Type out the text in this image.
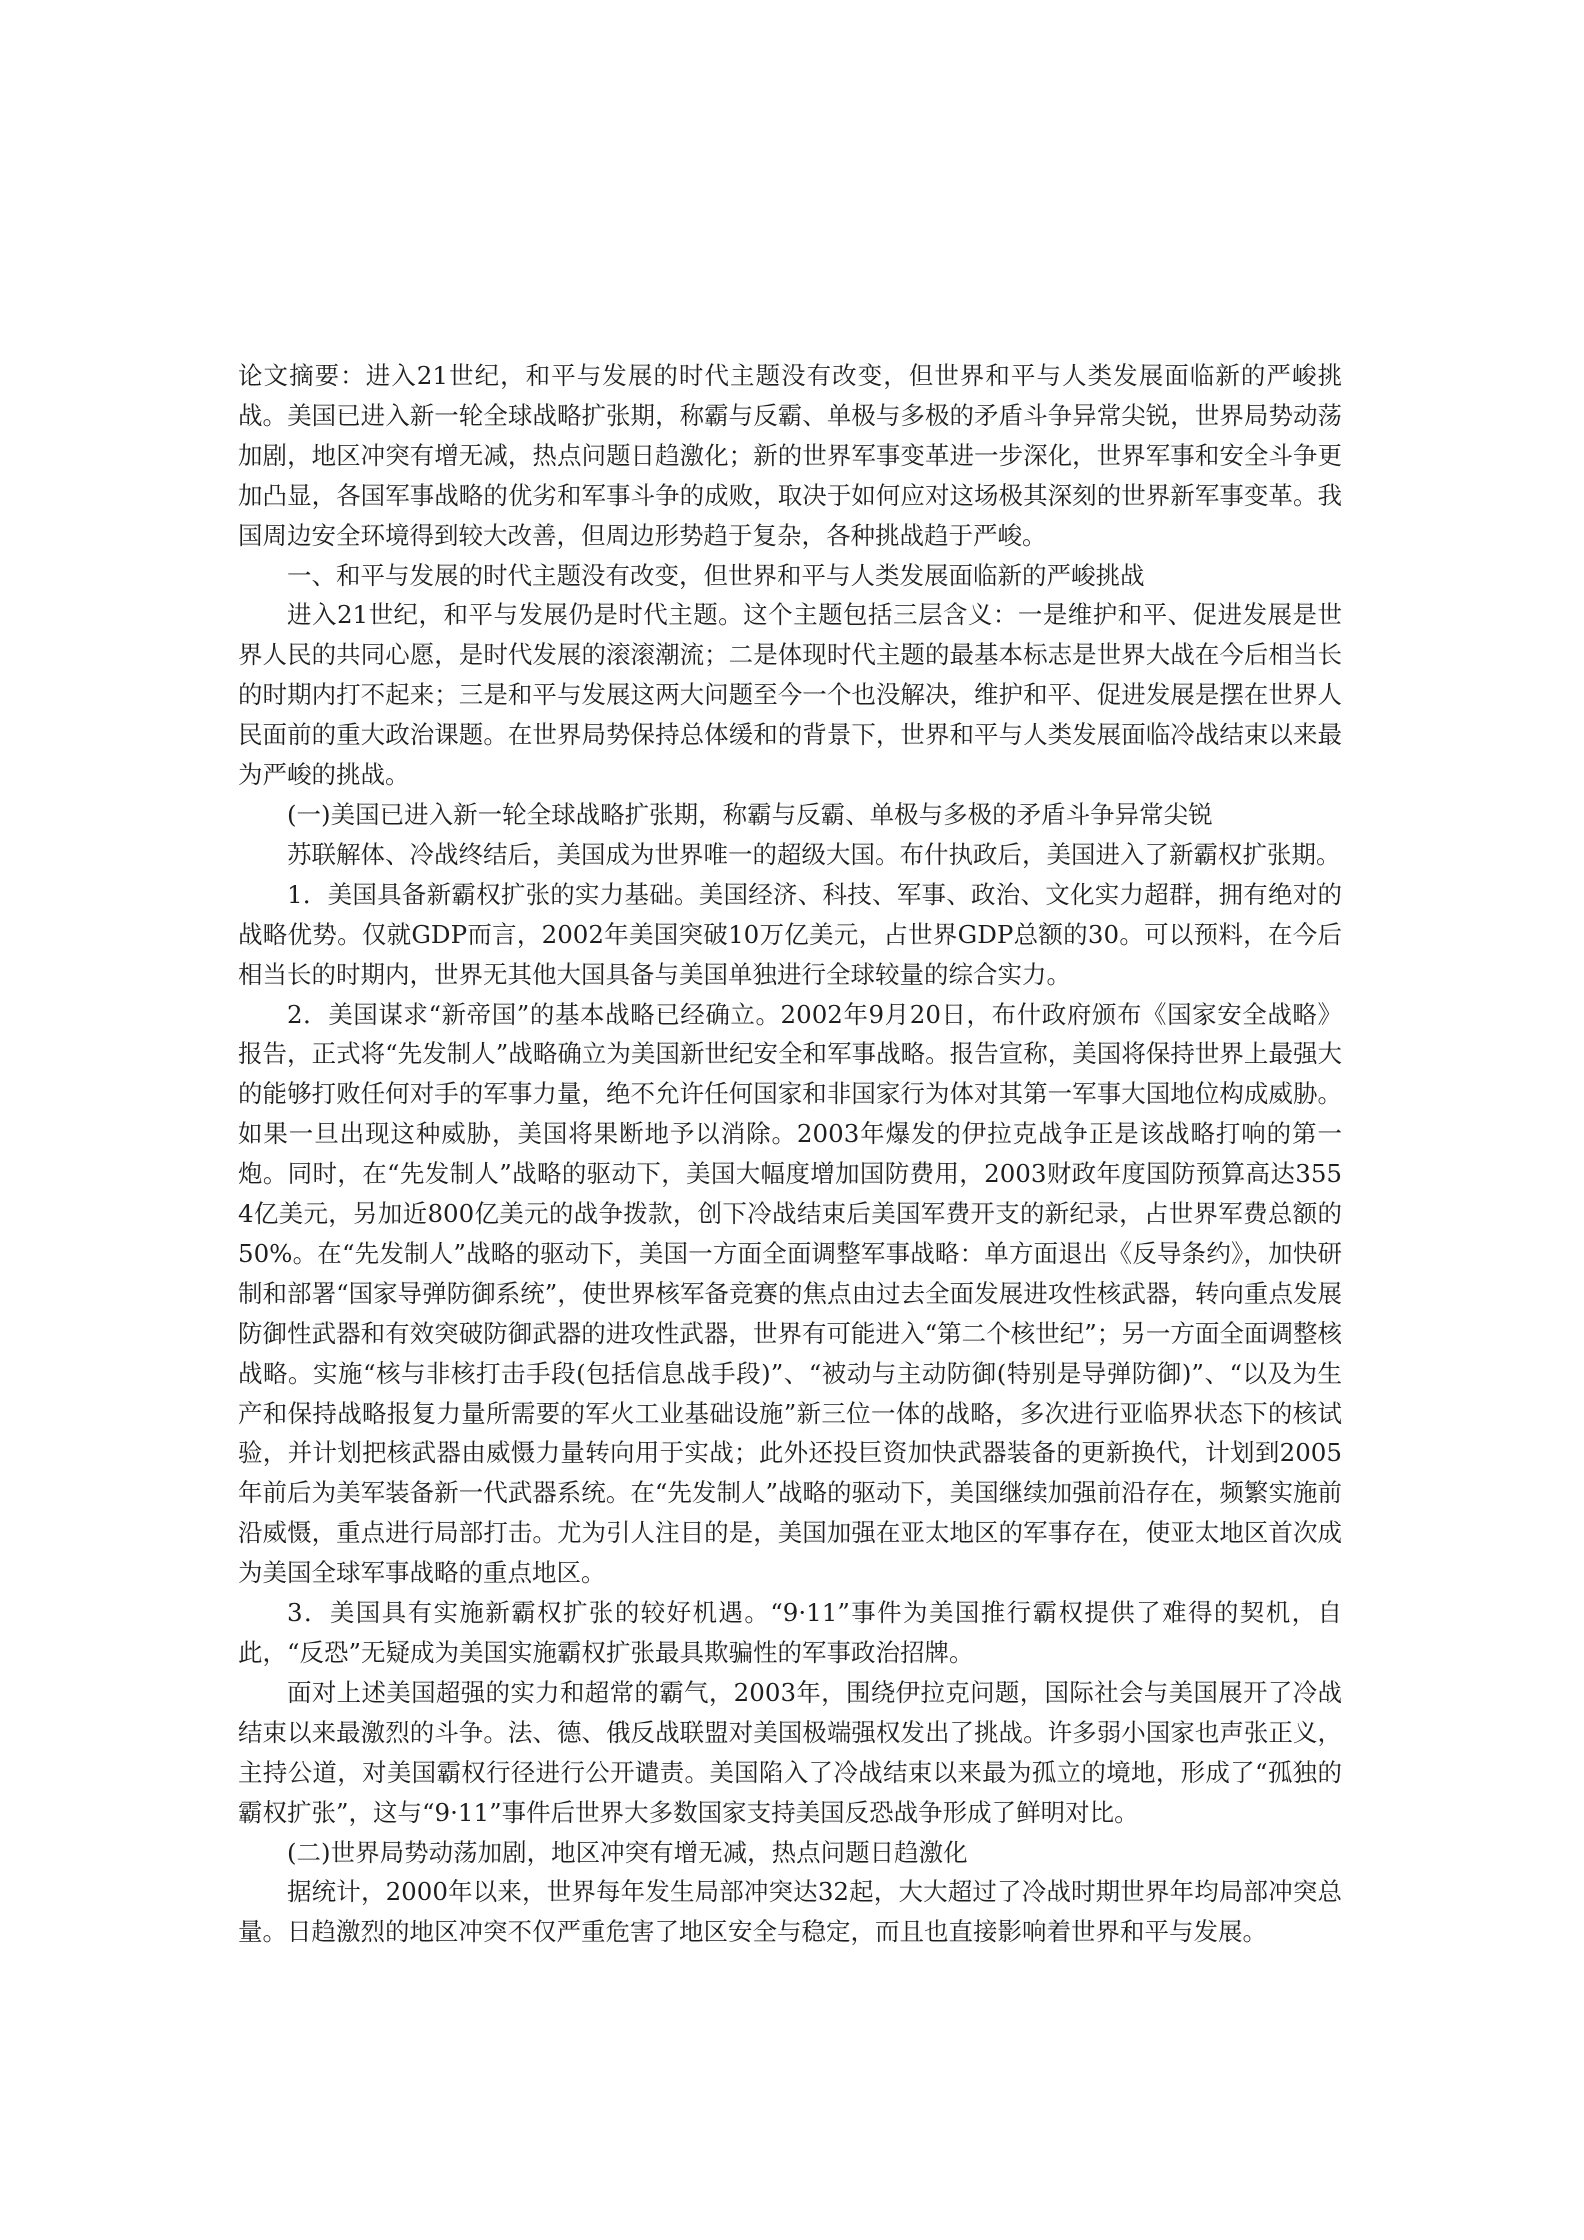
论文摘要：进入21世纪，和平与发展的时代主题没有改变，但世界和平与人类发展面临新的严峻挑战。美国已进入新一轮全球战略扩张期，称霸与反霸、单极与多极的矛盾斗争异常尖锐，世界局势动荡加剧，地区冲突有增无减，热点问题日趋激化；新的世界军事变革进一步深化，世界军事和安全斗争更加凸显，各国军事战略的优劣和军事斗争的成败，取决于如何应对这场极其深刻的世界新军事变革。我国周边安全环境得到较大改善，但周边形势趋于复杂，各种挑战趋于严峻。

一、和平与发展的时代主题没有改变，但世界和平与人类发展面临新的严峻挑战

进入21世纪，和平与发展仍是时代主题。这个主题包括三层含义：一是维护和平、促进发展是世界人民的共同心愿，是时代发展的滚滚潮流；二是体现时代主题的最基本标志是世界大战在今后相当长的时期内打不起来；三是和平与发展这两大问题至今一个也没解决，维护和平、促进发展是摆在世界人民面前的重大政治课题。在世界局势保持总体缓和的背景下，世界和平与人类发展面临冷战结束以来最为严峻的挑战。

(一)美国已进入新一轮全球战略扩张期，称霸与反霸、单极与多极的矛盾斗争异常尖锐

苏联解体、冷战终结后，美国成为世界唯一的超级大国。布什执政后，美国进入了新霸权扩张期。

1．美国具备新霸权扩张的实力基础。美国经济、科技、军事、政治、文化实力超群，拥有绝对的战略优势。仅就GDP而言，2002年美国突破10万亿美元，占世界GDP总额的30。可以预料，在今后相当长的时期内，世界无其他大国具备与美国单独进行全球较量的综合实力。

2．美国谋求“新帝国”的基本战略已经确立。2002年9月20日，布什政府颁布《国家安全战略》报告，正式将“先发制人”战略确立为美国新世纪安全和军事战略。报告宣称，美国将保持世界上最强大的能够打败任何对手的军事力量，绝不允许任何国家和非国家行为体对其第一军事大国地位构成威胁。如果一旦出现这种威胁，美国将果断地予以消除。2003年爆发的伊拉克战争正是该战略打响的第一炮。同时，在“先发制人”战略的驱动下，美国大幅度增加国防费用，2003财政年度国防预算高达3554亿美元，另加近800亿美元的战争拨款，创下冷战结束后美国军费开支的新纪录，占世界军费总额的50%。在“先发制人”战略的驱动下，美国一方面全面调整军事战略：单方面退出《反导条约》，加快研制和部署“国家导弹防御系统”，使世界核军备竞赛的焦点由过去全面发展进攻性核武器，转向重点发展防御性武器和有效突破防御武器的进攻性武器，世界有可能进入“第二个核世纪”；另一方面全面调整核战略。实施“核与非核打击手段(包括信息战手段)”、“被动与主动防御(特别是导弹防御)”、“以及为生产和保持战略报复力量所需要的军火工业基础设施”新三位一体的战略，多次进行亚临界状态下的核试验，并计划把核武器由威慑力量转向用于实战；此外还投巨资加快武器装备的更新换代，计划到2005年前后为美军装备新一代武器系统。在“先发制人”战略的驱动下，美国继续加强前沿存在，频繁实施前沿威慑，重点进行局部打击。尤为引人注目的是，美国加强在亚太地区的军事存在，使亚太地区首次成为美国全球军事战略的重点地区。

3．美国具有实施新霸权扩张的较好机遇。“9·11”事件为美国推行霸权提供了难得的契机，自此，“反恐”无疑成为美国实施霸权扩张最具欺骗性的军事政治招牌。

面对上述美国超强的实力和超常的霸气，2003年，围绕伊拉克问题，国际社会与美国展开了冷战结束以来最激烈的斗争。法、德、俄反战联盟对美国极端强权发出了挑战。许多弱小国家也声张正义，主持公道，对美国霸权行径进行公开谴责。美国陷入了冷战结束以来最为孤立的境地，形成了“孤独的霸权扩张”，这与“9·11”事件后世界大多数国家支持美国反恐战争形成了鲜明对比。

(二)世界局势动荡加剧，地区冲突有增无减，热点问题日趋激化

据统计，2000年以来，世界每年发生局部冲突达32起，大大超过了冷战时期世界年均局部冲突总量。日趋激烈的地区冲突不仅严重危害了地区安全与稳定，而且也直接影响着世界和平与发展。
